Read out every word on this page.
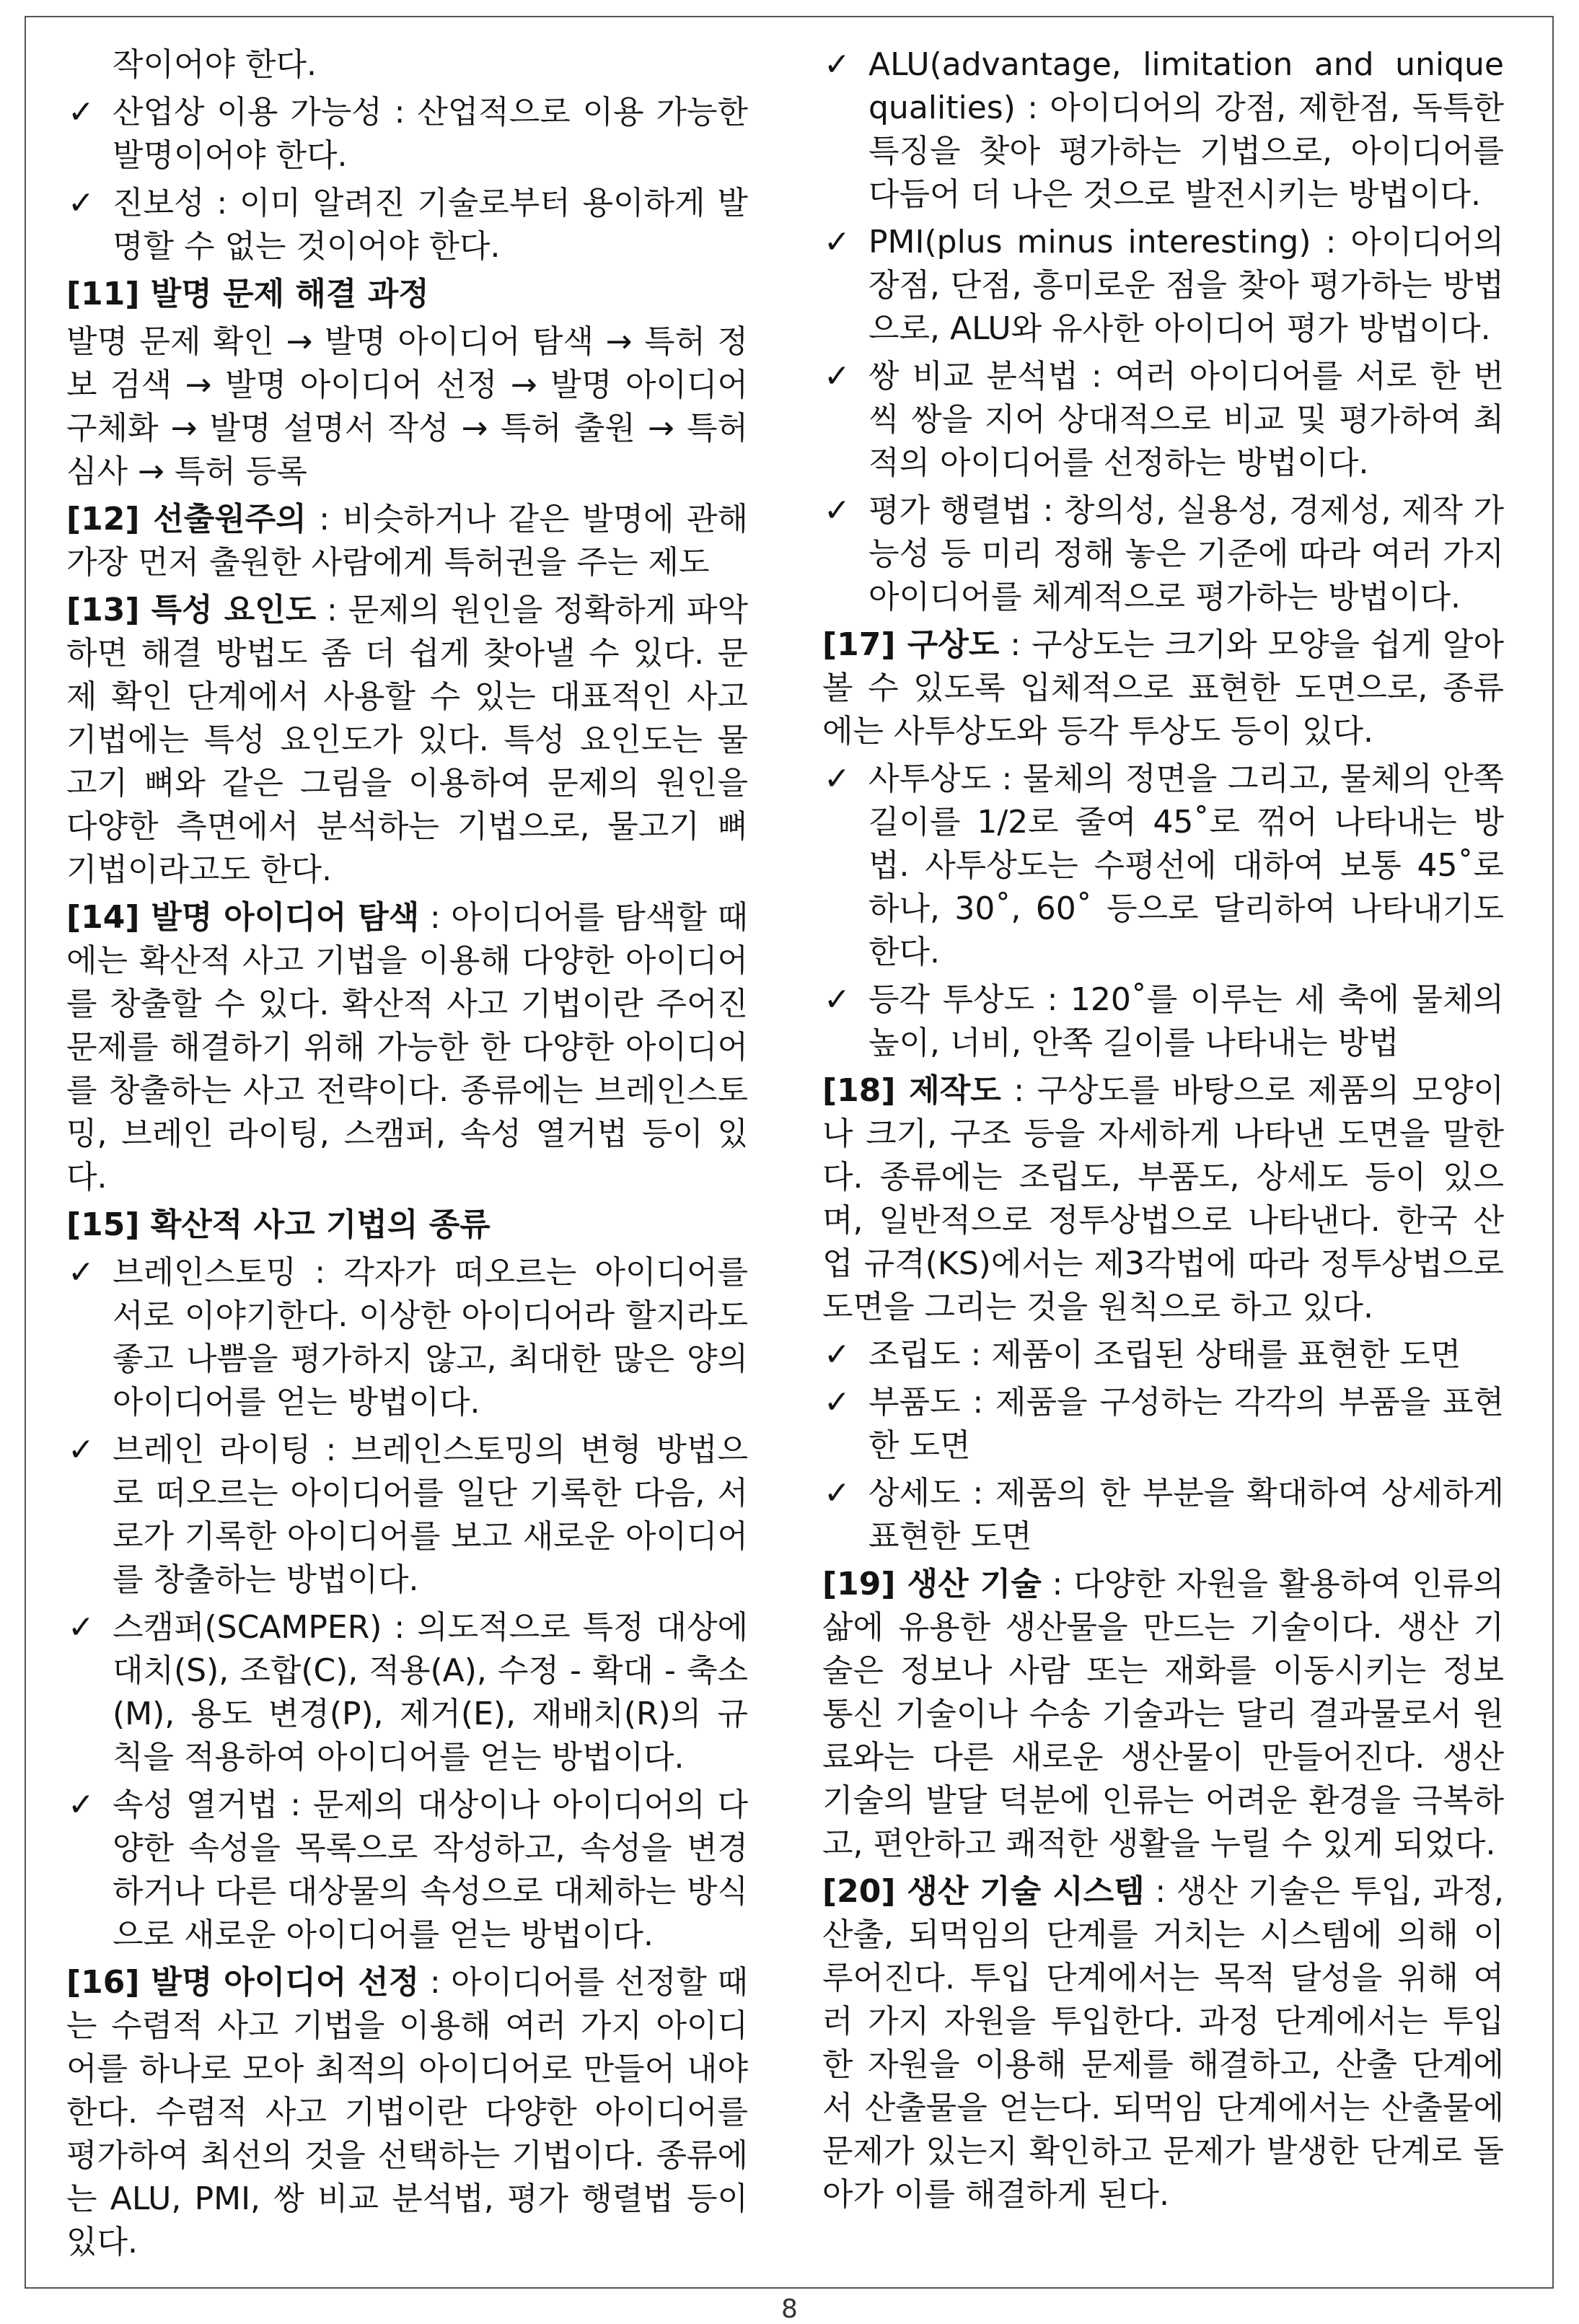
작이어야 한다.

✓ 산업상 이용 가능성 : 산업적으로 이용 가능한 발명이어야 한다.

✓ 진보성 : 이미 알려진 기술로부터 용이하게 발명할 수 없는 것이어야 한다.

[11] 발명 문제 해결 과정

발명 문제 확인 → 발명 아이디어 탐색 → 특허 정보 검색 → 발명 아이디어 선정 → 발명 아이디어 구체화 → 발명 설명서 작성 → 특허 출원 → 특허 심사 → 특허 등록

[12] 선출원주의 : 비슷하거나 같은 발명에 관해 가장 먼저 출원한 사람에게 특허권을 주는 제도

[13] 특성 요인도 : 문제의 원인을 정확하게 파악하면 해결 방법도 좀 더 쉽게 찾아낼 수 있다. 문제 확인 단계에서 사용할 수 있는 대표적인 사고 기법에는 특성 요인도가 있다. 특성 요인도는 물고기 뼈와 같은 그림을 이용하여 문제의 원인을 다양한 측면에서 분석하는 기법으로, 물고기 뼈 기법이라고도 한다.

[14] 발명 아이디어 탐색 : 아이디어를 탐색할 때에는 확산적 사고 기법을 이용해 다양한 아이디어를 창출할 수 있다. 확산적 사고 기법이란 주어진 문제를 해결하기 위해 가능한 한 다양한 아이디어를 창출하는 사고 전략이다. 종류에는 브레인스토밍, 브레인 라이팅, 스캠퍼, 속성 열거법 등이 있다.

[15] 확산적 사고 기법의 종류

✓ 브레인스토밍 : 각자가 떠오르는 아이디어를 서로 이야기한다. 이상한 아이디어라 할지라도 좋고 나쁨을 평가하지 않고, 최대한 많은 양의 아이디어를 얻는 방법이다.

✓ 브레인 라이팅 : 브레인스토밍의 변형 방법으로 떠오르는 아이디어를 일단 기록한 다음, 서로가 기록한 아이디어를 보고 새로운 아이디어를 창출하는 방법이다.

✓ 스캠퍼(SCAMPER) : 의도적으로 특정 대상에 대치(S), 조합(C), 적용(A), 수정 - 확대 - 축소(M), 용도 변경(P), 제거(E), 재배치(R)의 규칙을 적용하여 아이디어를 얻는 방법이다.

✓ 속성 열거법 : 문제의 대상이나 아이디어의 다양한 속성을 목록으로 작성하고, 속성을 변경하거나 다른 대상물의 속성으로 대체하는 방식으로 새로운 아이디어를 얻는 방법이다.

[16] 발명 아이디어 선정 : 아이디어를 선정할 때는 수렴적 사고 기법을 이용해 여러 가지 아이디어를 하나로 모아 최적의 아이디어로 만들어 내야 한다. 수렴적 사고 기법이란 다양한 아이디어를 평가하여 최선의 것을 선택하는 기법이다. 종류에는 ALU, PMI, 쌍 비교 분석법, 평가 행렬법 등이 있다.

✓ ALU(advantage, limitation and unique qualities) : 아이디어의 강점, 제한점, 독특한 특징을 찾아 평가하는 기법으로, 아이디어를 다듬어 더 나은 것으로 발전시키는 방법이다.

✓ PMI(plus minus interesting) : 아이디어의 장점, 단점, 흥미로운 점을 찾아 평가하는 방법으로, ALU와 유사한 아이디어 평가 방법이다.

✓ 쌍 비교 분석법 : 여러 아이디어를 서로 한 번씩 쌍을 지어 상대적으로 비교 및 평가하여 최적의 아이디어를 선정하는 방법이다.

✓ 평가 행렬법 : 창의성, 실용성, 경제성, 제작 가능성 등 미리 정해 놓은 기준에 따라 여러 가지 아이디어를 체계적으로 평가하는 방법이다.

[17] 구상도 : 구상도는 크기와 모양을 쉽게 알아볼 수 있도록 입체적으로 표현한 도면으로, 종류에는 사투상도와 등각 투상도 등이 있다.

✓ 사투상도 : 물체의 정면을 그리고, 물체의 안쪽 길이를 1/2로 줄여 45˚로 꺾어 나타내는 방법. 사투상도는 수평선에 대하여 보통 45˚로 하나, 30˚, 60˚ 등으로 달리하여 나타내기도 한다.

✓ 등각 투상도 : 120˚를 이루는 세 축에 물체의 높이, 너비, 안쪽 길이를 나타내는 방법

[18] 제작도 : 구상도를 바탕으로 제품의 모양이나 크기, 구조 등을 자세하게 나타낸 도면을 말한다. 종류에는 조립도, 부품도, 상세도 등이 있으며, 일반적으로 정투상법으로 나타낸다. 한국 산업 규격(KS)에서는 제3각법에 따라 정투상법으로 도면을 그리는 것을 원칙으로 하고 있다.

✓ 조립도 : 제품이 조립된 상태를 표현한 도면

✓ 부품도 : 제품을 구성하는 각각의 부품을 표현한 도면

✓ 상세도 : 제품의 한 부분을 확대하여 상세하게 표현한 도면

[19] 생산 기술 : 다양한 자원을 활용하여 인류의 삶에 유용한 생산물을 만드는 기술이다. 생산 기술은 정보나 사람 또는 재화를 이동시키는 정보 통신 기술이나 수송 기술과는 달리 결과물로서 원료와는 다른 새로운 생산물이 만들어진다. 생산 기술의 발달 덕분에 인류는 어려운 환경을 극복하고, 편안하고 쾌적한 생활을 누릴 수 있게 되었다.

[20] 생산 기술 시스템 : 생산 기술은 투입, 과정, 산출, 되먹임의 단계를 거치는 시스템에 의해 이루어진다. 투입 단계에서는 목적 달성을 위해 여러 가지 자원을 투입한다. 과정 단계에서는 투입한 자원을 이용해 문제를 해결하고, 산출 단계에서 산출물을 얻는다. 되먹임 단계에서는 산출물에 문제가 있는지 확인하고 문제가 발생한 단계로 돌아가 이를 해결하게 된다.

8
